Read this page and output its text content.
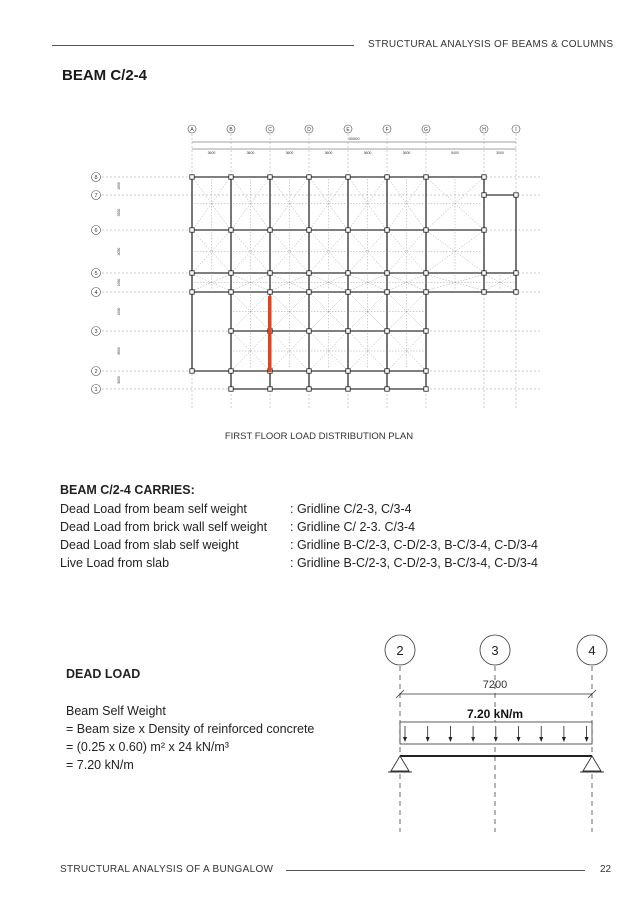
STRUCTURAL ANALYSIS OF BEAMS & COLUMNS
BEAM C/2-4
30000
3600	3600	3600	3600	3600	3600	5400	3000
1650
3350
4050
1650
1650
3600
3600
A	B	C	D	E	F	G	H	I
8
7
6
5
4
3
2
1
FIRST FLOOR LOAD DISTRIBUTION PLAN
BEAM C/2-4 CARRIES:
Dead Load from beam self weight	: Gridline C/2-3, C/3-4
Dead Load from brick wall self weight	: Gridline C/ 2-3. C/3-4
Dead Load from slab self weight	: Gridline B-C/2-3, C-D/2-3, B-C/3-4, C-D/3-4
Live Load from slab	: Gridline B-C/2-3, C-D/2-3, B-C/3-4, C-D/3-4
DEAD LOAD
Beam Self Weight
= Beam size x Density of reinforced concrete
= (0.25 x 0.60) m² x 24 kN/m³
= 7.20 kN/m
2	3	4
7200
7.20 kN/m
STRUCTURAL ANALYSIS OF A BUNGALOW	22
